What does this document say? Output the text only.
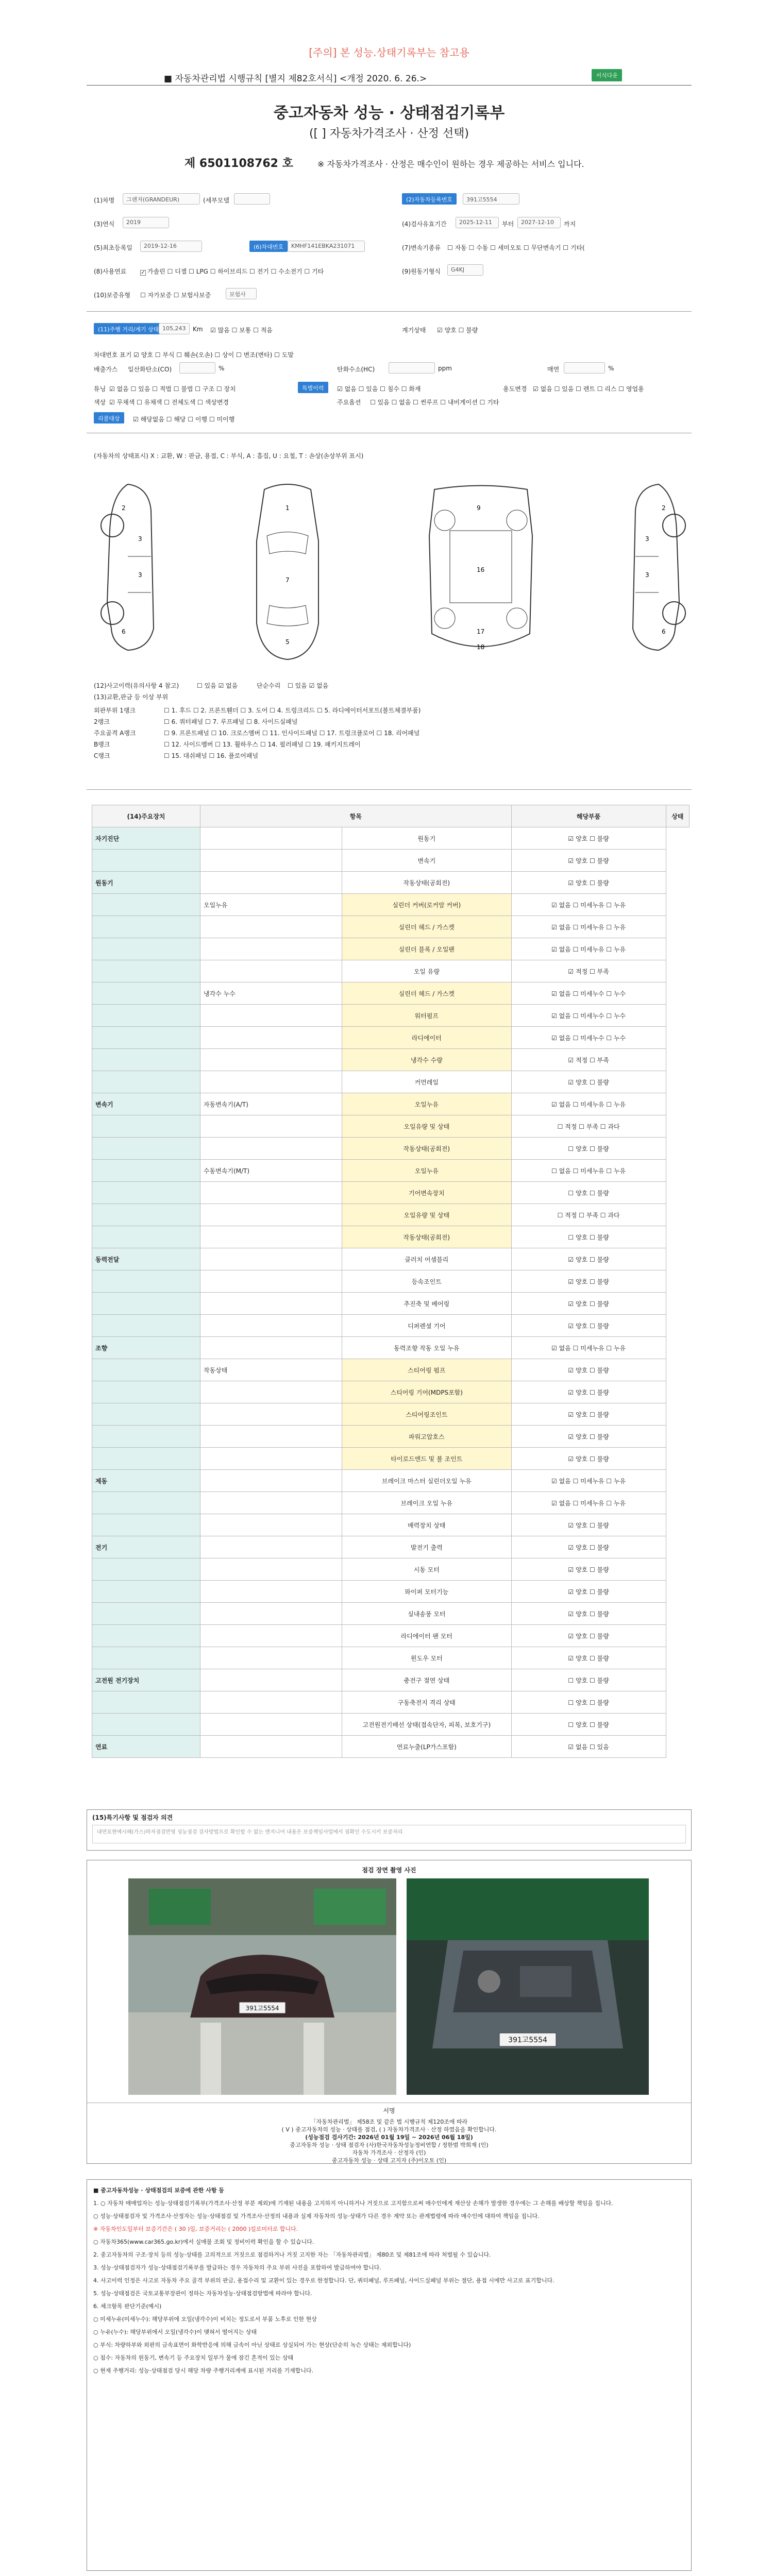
[주의] 본 성능.상태기록부는 참고용
■ 자동차관리법 시행규칙 [별지 제82호서식] <개정 2020. 6. 26.>	서식다운
중고자동차 성능 · 상태점검기록부
([ ] 자동차가격조사 · 산정 선택)
제 6501108762 호	※ 자동차가격조사 · 산정은 매수인이 원하는 경우 제공하는 서비스 입니다.
(1)차명	그랜저(GRANDEUR)	(세부모델	(2)자동차등록번호	391고5554
(3)연식	2019	(4)검사유효기간	2025-12-11	부터	2027-12-10	까지
(5)최초등록일	2019-12-16	(6)차대번호	KMHF141EBKA231071	(7)변속기종류 ☐ 자동 ☐ 수동 ☐ 세미오토 ☐ 무단변속기 ☐ 기타(
(8)사용연료	✓ 가솔린 ☐ 디젤 ☐ LPG ☐ 하이브리드 ☐ 전기 ☐ 수소전기 ☐ 기타	(9)원동기형식	G4KJ
(10)보증유형 ☐ 자가보증 ☐ 보험사보증	보험사
(11)주행 거리/계기 상태 105,243	Km ☑ 많음 ☐ 보통 ☐ 적음	계기상태 ☑ 양호 ☐ 불량
차대번호 표기 ☑ 양호 ☐ 부식 ☐ 훼손(오손) ☐ 상이 ☐ 변조(변타) ☐ 도말
배출가스 일산화탄소(CO)	%	탄화수소(HC)	ppm	매연	%
튜닝 ☑ 없음 ☐ 있음 ☐ 적법 ☐ 불법 ☐ 구조 ☐ 장치	특별이력	☑ 없음 ☐ 있음 ☐ 침수 ☐ 화재	용도변경 ☑ 없음 ☐ 있음 ☐ 렌트 ☐ 리스 ☐ 영업용
색상 ☑ 무채색 ☐ 유채색 ☐ 전체도색 ☐ 색상변경	주요옵션 ☐ 있음 ☐ 없음 ☐ 썬루프 ☐ 내비게이션 ☐ 기타
리콜대상	☑ 해당없음 ☐ 해당 ☐ 이행 ☐ 미이행
(자동차의 상태표시) X : 교환, W : 판금, 용접, C : 부식, A : 흠집, U : 요철, T : 손상(손상부위 표시)
3
3
2
6
1
7
5
9
16
17
18
3
3
2
6
(12)사고이력(유의사항 4 참고)	☐ 있음 ☑ 없음	단순수리 ☐ 있음 ☑ 없음
(13)교환,판금 등 이상 부위
외판부위 1랭크	☐ 1. 후드 ☐ 2. 프론트휀더 ☐ 3. 도어 ☐ 4. 트렁크리드 ☐ 5. 라디에이터서포트(볼트체결부품)
2랭크	☐ 6. 쿼터패널 ☐ 7. 루프패널 ☐ 8. 사이드실패널
주요골격 A랭크	☐ 9. 프론트패널 ☐ 10. 크로스멤버 ☐ 11. 인사이드패널 ☐ 17. 트렁크플로어 ☐ 18. 리어패널
B랭크	☐ 12. 사이드멤버 ☐ 13. 휠하우스 ☐ 14. 필러패널 ☐ 19. 패키지트레이
C랭크	☐ 15. 대쉬패널 ☐ 16. 플로어패널
(14)주요장치	항목		해당부품	상태
자기진단		원동기	☑ 양호 ☐ 불량	
		변속기	☑ 양호 ☐ 불량	
원동기		작동상태(공회전)	☑ 양호 ☐ 불량	
	오일누유	실린더 커버(로커암 커버)	☑ 없음 ☐ 미세누유 ☐ 누유	
		실린더 헤드 / 가스켓	☑ 없음 ☐ 미세누유 ☐ 누유	
		실린더 블록 / 오일팬	☑ 없음 ☐ 미세누유 ☐ 누유	
		오일 유량	☑ 적정 ☐ 부족	
	냉각수 누수	실린더 헤드 / 가스켓	☑ 없음 ☐ 미세누수 ☐ 누수	
		워터펌프	☑ 없음 ☐ 미세누수 ☐ 누수	
		라디에이터	☑ 없음 ☐ 미세누수 ☐ 누수	
		냉각수 수량	☑ 적정 ☐ 부족	
		커먼레일	☑ 양호 ☐ 불량	
변속기	자동변속기(A/T)	오일누유	☑ 없음 ☐ 미세누유 ☐ 누유	
		오일유량 및 상태	☐ 적정 ☐ 부족 ☐ 과다	
		작동상태(공회전)	☐ 양호 ☐ 불량	
	수동변속기(M/T)	오일누유	☐ 없음 ☐ 미세누유 ☐ 누유	
		기어변속장치	☐ 양호 ☐ 불량	
		오일유량 및 상태	☐ 적정 ☐ 부족 ☐ 과다	
		작동상태(공회전)	☐ 양호 ☐ 불량	
동력전달		클러치 어셈블리	☑ 양호 ☐ 불량	
		등속조인트	☑ 양호 ☐ 불량	
		추진축 및 베어링	☑ 양호 ☐ 불량	
		디퍼렌셜 기어	☑ 양호 ☐ 불량	
조향		동력조향 작동 오일 누유	☑ 없음 ☐ 미세누유 ☐ 누유	
	작동상태	스티어링 펌프	☑ 양호 ☐ 불량	
		스티어링 기어(MDPS포함)	☑ 양호 ☐ 불량	
		스티어링조인트	☑ 양호 ☐ 불량	
		파워고압호스	☑ 양호 ☐ 불량	
		타이로드엔드 및 볼 조인트	☑ 양호 ☐ 불량	
제동		브레이크 마스터 실린더오일 누유	☑ 없음 ☐ 미세누유 ☐ 누유	
		브레이크 오일 누유	☑ 없음 ☐ 미세누유 ☐ 누유	
		배력장치 상태	☑ 양호 ☐ 불량	
전기		발전기 출력	☑ 양호 ☐ 불량	
		시동 모터	☑ 양호 ☐ 불량	
		와이퍼 모터기능	☑ 양호 ☐ 불량	
		실내송풍 모터	☑ 양호 ☐ 불량	
		라디에이터 팬 모터	☑ 양호 ☐ 불량	
		윈도우 모터	☑ 양호 ☐ 불량	
고전원 전기장치		충전구 절연 상태	☐ 양호 ☐ 불량	
		구동축전지 격리 상태	☐ 양호 ☐ 불량	
		고전원전기배선 상태(접속단자, 피복, 보호기구)	☐ 양호 ☐ 불량	
연료		연료누출(LP가스포함)	☑ 없음 ☐ 있음	
(15)특기사항 및 점검자 의견
내연표현에시해(가스)하자점검반영 성능점검 검사방법으로 확인할 수 없는 엔지니어 내용은 보증책임사업에서 점확인 수도시키 보증처리
점검 장면 촬영 사진
391고5554
391고5554
서명
「자동차관리법」 제58조 및 같은 법 시행규칙 제120조에 따라
( V ) 중고자동차의 성능 · 상태를 점검, ( ) 자동차가격조사 · 산정 하였음을 확인합니다.
(성능점검 검사기간: 2026년 01월 19일 ~ 2026년 06월 18일)
중고자동차 성능 · 상태 점검자 (사)한국자동차성능정비연합 / 정한범 박희재 (인)
자동차 가격조사 · 산정자 (인)
중고자동차 성능 · 상태 고지자 (주)이오토 (인)

■ 중고자동차성능 · 상태점검의 보증에 관한 사항 등

1. ○ 자동차 매매업자는 성능·상태점검기록부(가격조사·산정 부분 제외)에 기재된 내용을 고지하지 아니하거나 거짓으로 고지함으로써 매수인에게 재산상 손해가 발생한 경우에는 그 손해를 배상할 책임을 집니다.

○ 성능·상태점검자 및 가격조사·산정자는 성능·상태점검 및 가격조사·산정의 내용과 실제 자동차의 성능·상태가 다른 경우 계약 또는 관계법령에 따라 매수인에 대하여 책임을 집니다.

※ 자동차인도일부터 보증기간은 ( 30 )일, 보증거리는 ( 2000 )킬로미터로 합니다.

○ 자동차365(www.car365.go.kr)에서 실매물 조회 및 정비이력 확인을 할 수 있습니다.

2. 중고자동차의 구조·장치 등의 성능·상태를 고의적으로 거짓으로 점검하거나 거짓 고지한 자는 「자동차관리법」 제80조 및 제81조에 따라 처벌될 수 있습니다.

3. 성능·상태점검자가 성능·상태점검기록부를 발급하는 경우 자동차의 주요 부위 사진을 포함하여 발급하여야 합니다.

4. 사고이력 인정은 사고로 자동차 주요 골격 부위의 판금, 용접수리 및 교환이 있는 경우로 한정합니다. 단, 쿼터패널, 루프패널, 사이드실패널 부위는 절단, 용접 시에만 사고로 표기합니다.

5. 성능·상태점검은 국토교통부장관이 정하는 자동차성능·상태점검방법에 따라야 합니다.

6. 체크항목 판단기준(예시)

○ 미세누유(미세누수): 해당부위에 오일(냉각수)이 비치는 정도로서 부품 노후로 인한 현상

○ 누유(누수): 해당부위에서 오일(냉각수)이 맺혀서 떨어지는 상태

○ 부식: 차량하부와 외판의 금속표면이 화학반응에 의해 금속이 아닌 상태로 상실되어 가는 현상(단순히 녹슨 상태는 제외합니다)

○ 침수: 자동차의 원동기, 변속기 등 주요장치 일부가 물에 잠긴 흔적이 있는 상태

○ 현재 주행거리: 성능·상태점검 당시 해당 차량 주행거리계에 표시된 거리를 기재합니다.
